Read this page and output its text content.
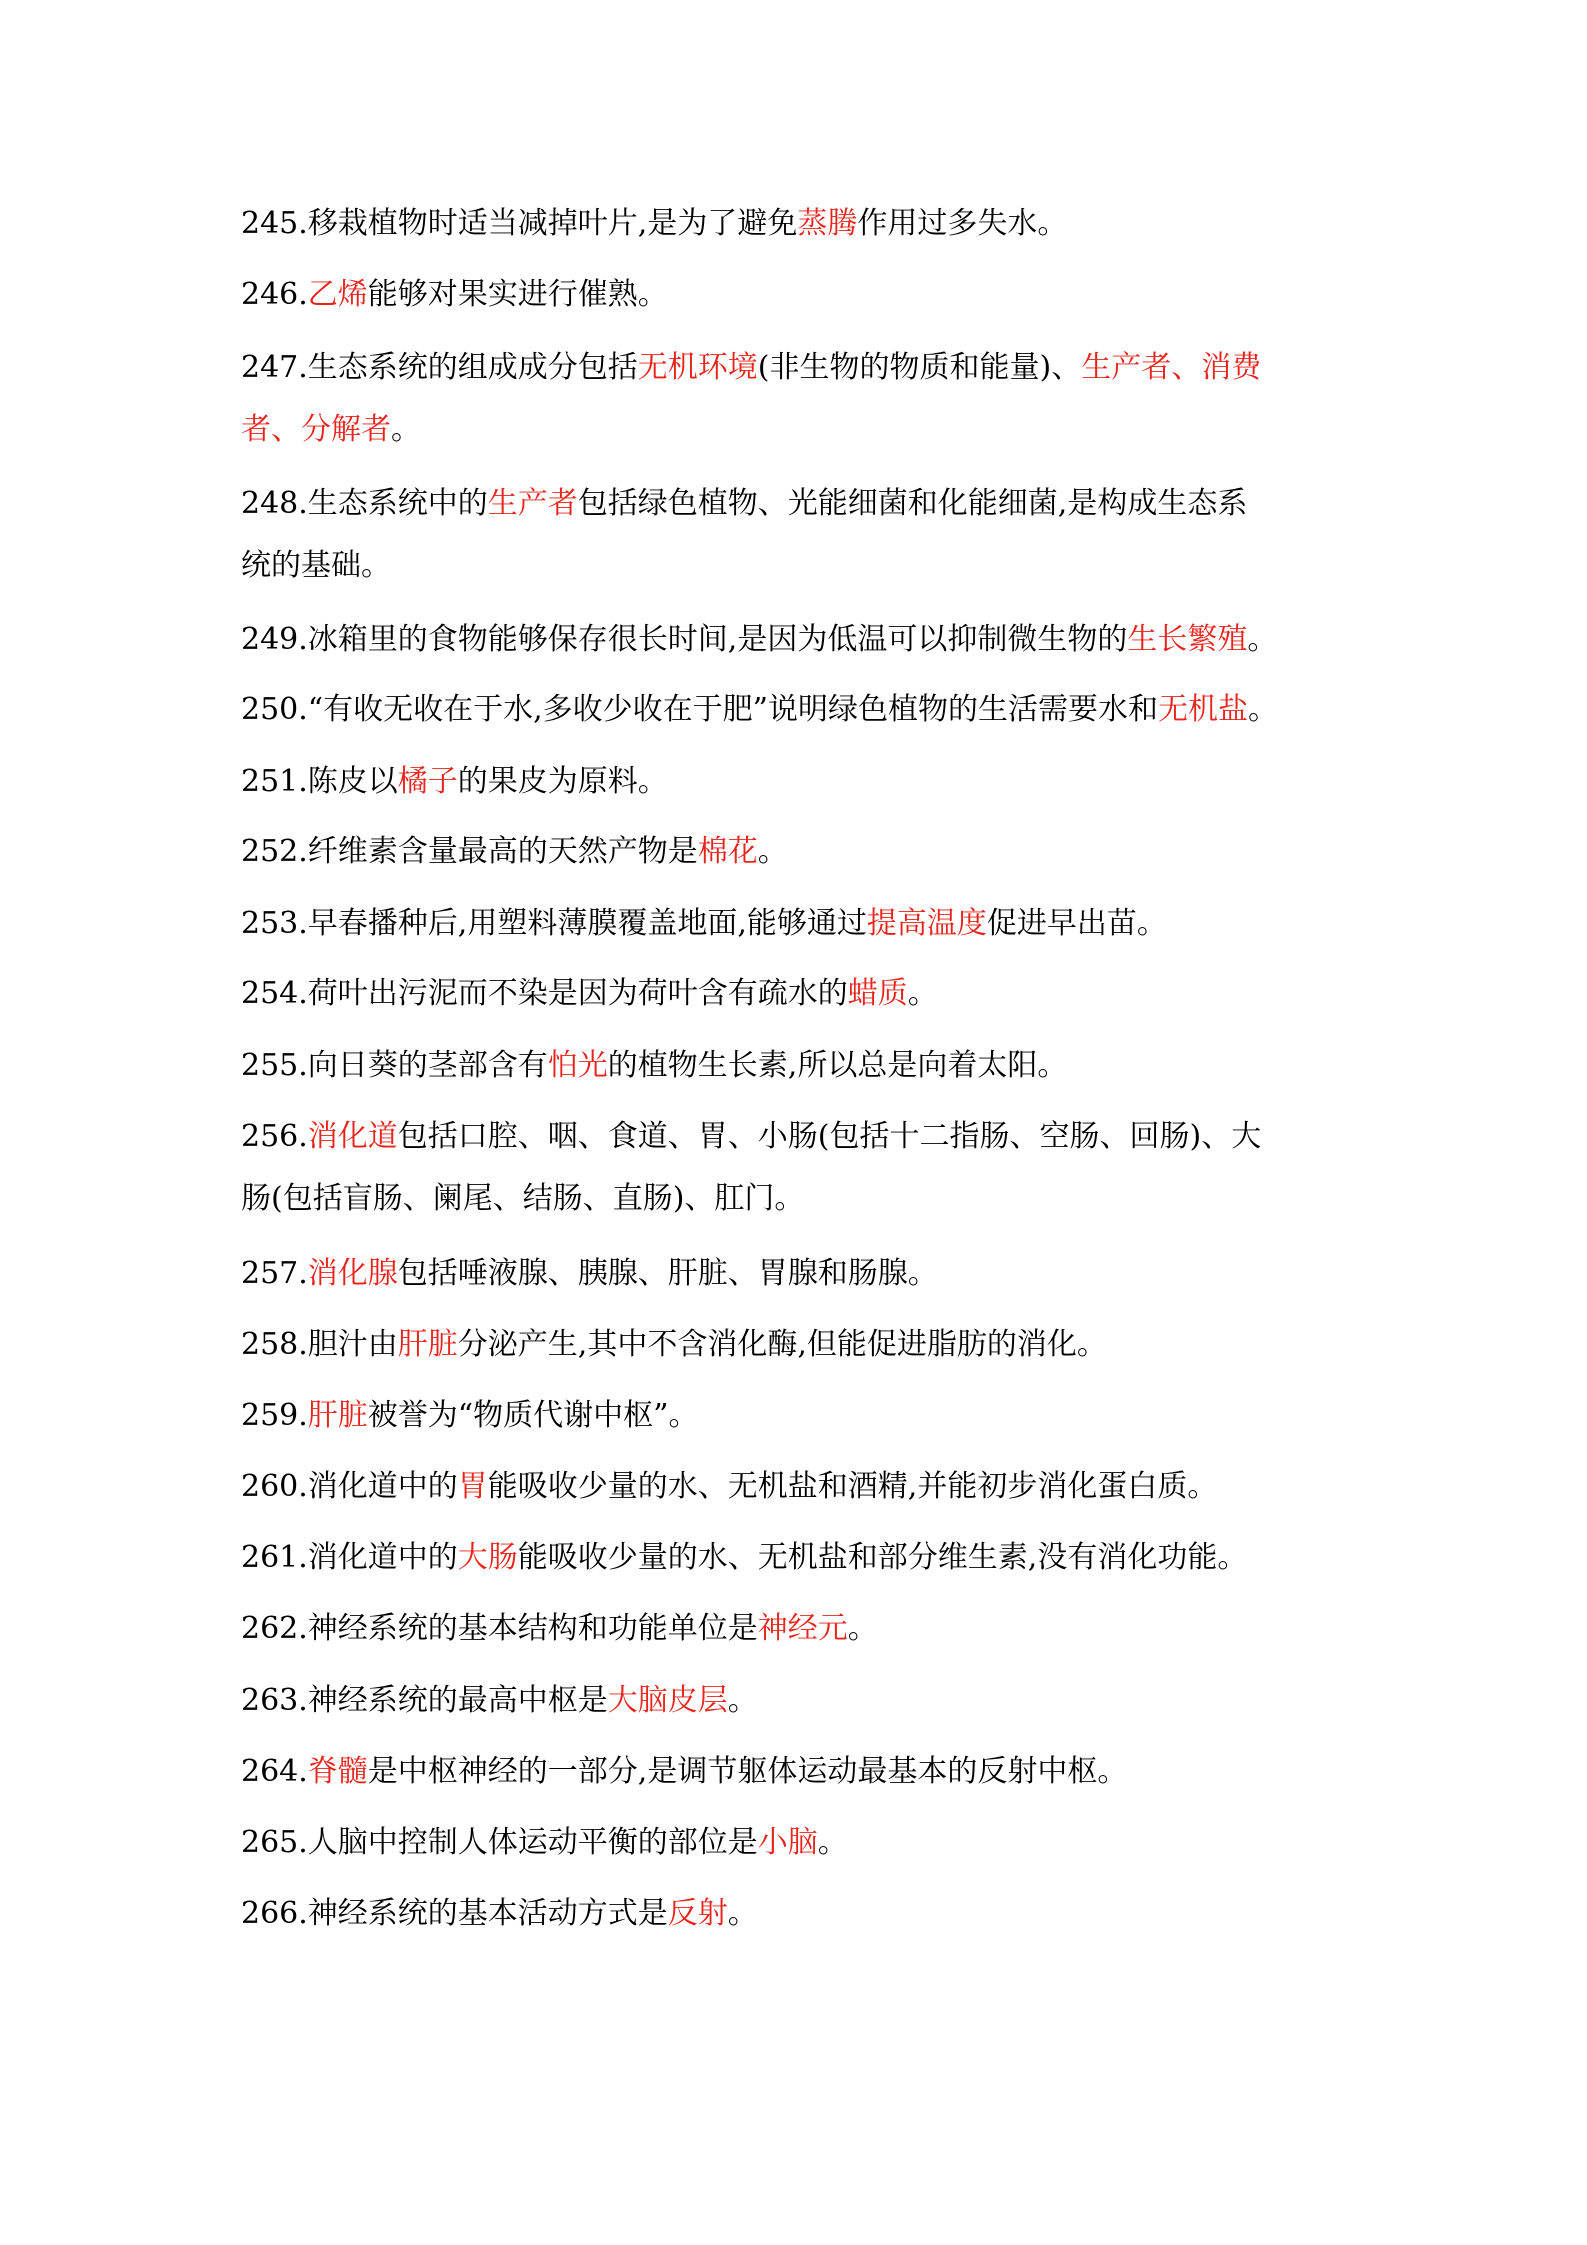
245.移栽植物时适当减掉叶片,是为了避免蒸腾作用过多失水。
246.乙烯能够对果实进行催熟。
247.生态系统的组成成分包括无机环境(非生物的物质和能量)、生产者、消费
者、分解者。
248.生态系统中的生产者包括绿色植物、光能细菌和化能细菌,是构成生态系
统的基础。
249.冰箱里的食物能够保存很长时间,是因为低温可以抑制微生物的生长繁殖。
250.“有收无收在于水,多收少收在于肥”说明绿色植物的生活需要水和无机盐。
251.陈皮以橘子的果皮为原料。
252.纤维素含量最高的天然产物是棉花。
253.早春播种后,用塑料薄膜覆盖地面,能够通过提高温度促进早出苗。
254.荷叶出污泥而不染是因为荷叶含有疏水的蜡质。
255.向日葵的茎部含有怕光的植物生长素,所以总是向着太阳。
256.消化道包括口腔、咽、食道、胃、小肠(包括十二指肠、空肠、回肠)、大
肠(包括盲肠、阑尾、结肠、直肠)、肛门。
257.消化腺包括唾液腺、胰腺、肝脏、胃腺和肠腺。
258.胆汁由肝脏分泌产生,其中不含消化酶,但能促进脂肪的消化。
259.肝脏被誉为“物质代谢中枢”。
260.消化道中的胃能吸收少量的水、无机盐和酒精,并能初步消化蛋白质。
261.消化道中的大肠能吸收少量的水、无机盐和部分维生素,没有消化功能。
262.神经系统的基本结构和功能单位是神经元。
263.神经系统的最高中枢是大脑皮层。
264.脊髓是中枢神经的一部分,是调节躯体运动最基本的反射中枢。
265.人脑中控制人体运动平衡的部位是小脑。
266.神经系统的基本活动方式是反射。
